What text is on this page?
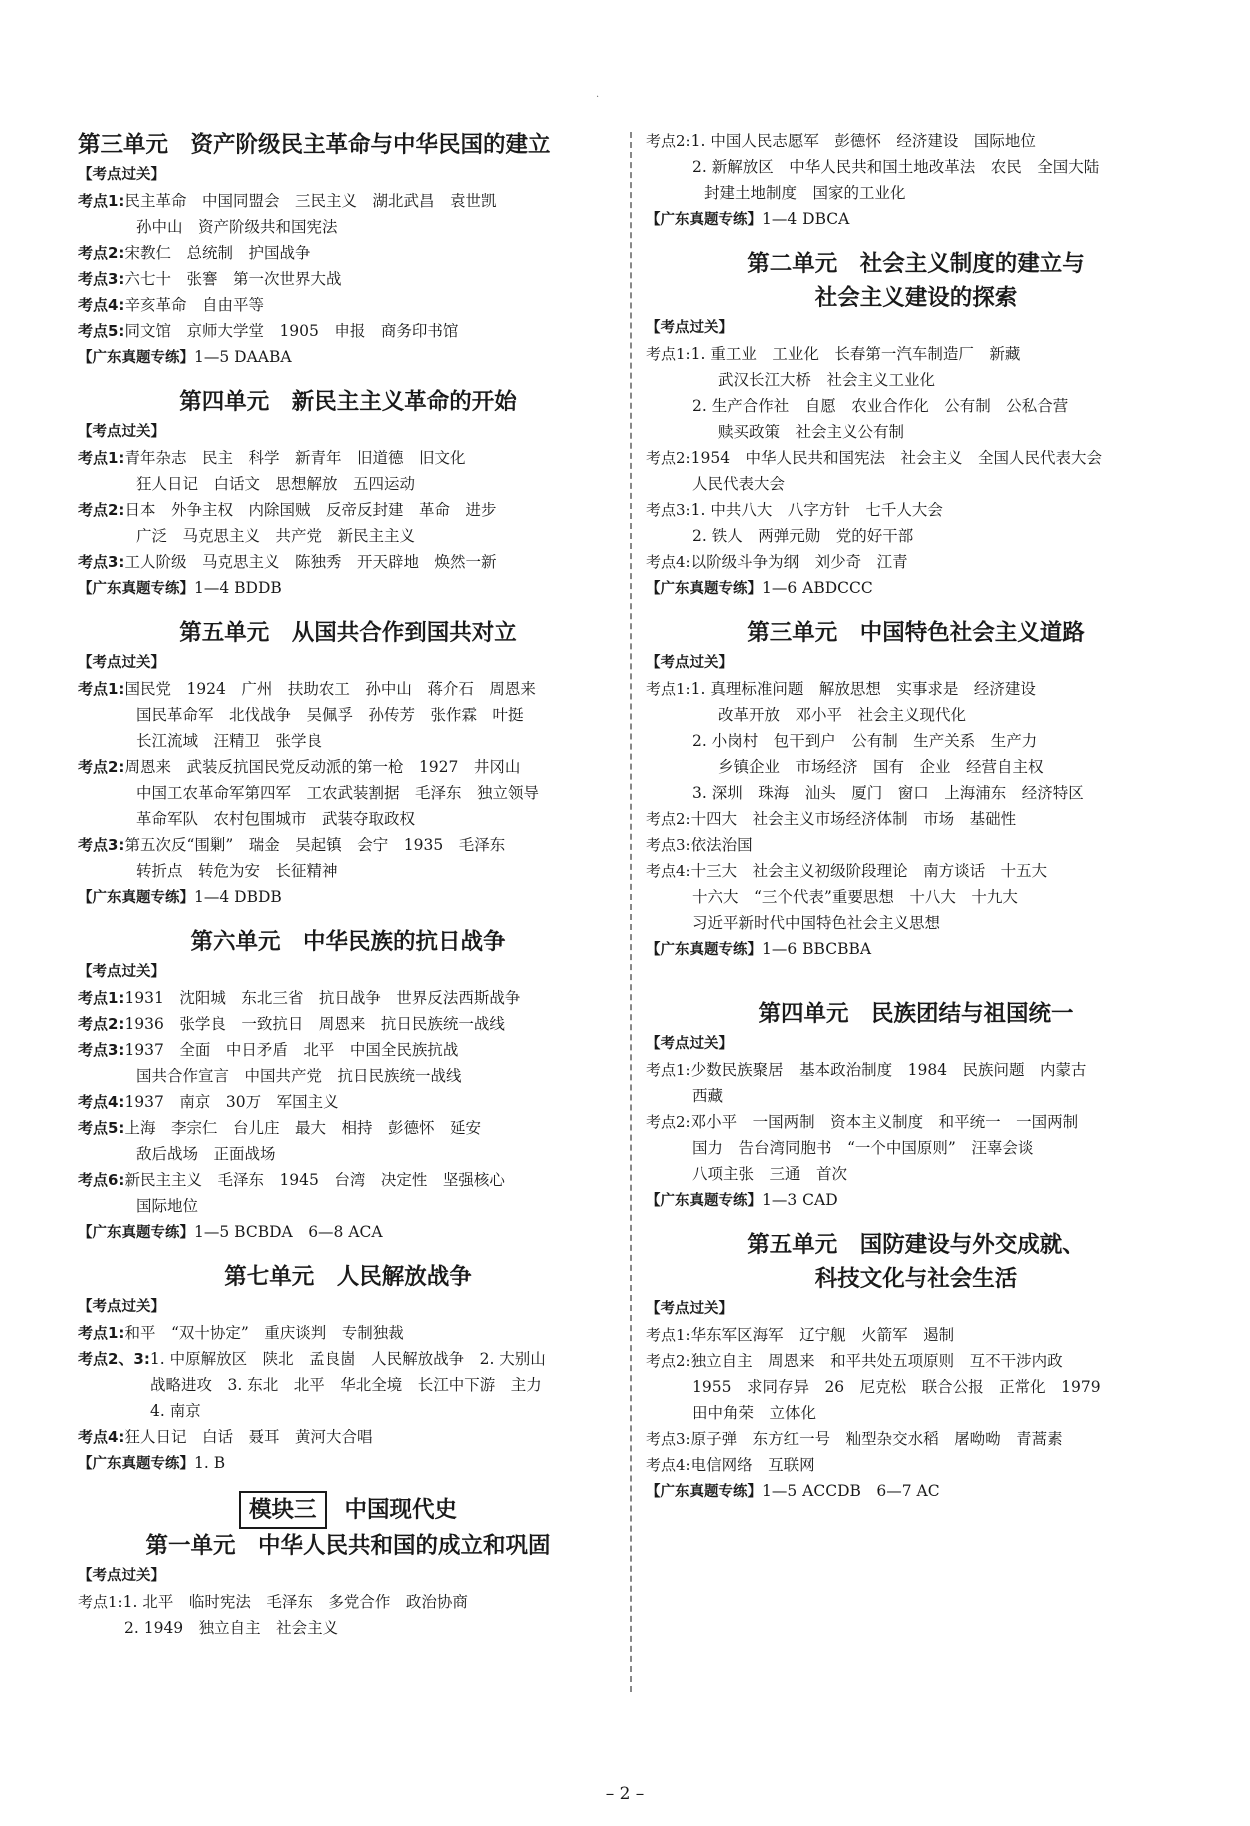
·

第三单元　资产阶级民主革命与中华民国的建立

【考点过关】

考点1:民主革命　中国同盟会　三民主义　湖北武昌　袁世凯

孙中山　资产阶级共和国宪法

考点2:宋教仁　总统制　护国战争

考点3:六七十　张謇　第一次世界大战

考点4:辛亥革命　自由平等

考点5:同文馆　京师大学堂　1905　申报　商务印书馆

【广东真题专练】1—5 DAABA

第四单元　新民主主义革命的开始

【考点过关】

考点1:青年杂志　民主　科学　新青年　旧道德　旧文化

狂人日记　白话文　思想解放　五四运动

考点2:日本　外争主权　内除国贼　反帝反封建　革命　进步

广泛　马克思主义　共产党　新民主主义

考点3:工人阶级　马克思主义　陈独秀　开天辟地　焕然一新

【广东真题专练】1—4 BDDB

第五单元　从国共合作到国共对立

【考点过关】

考点1:国民党　1924　广州　扶助农工　孙中山　蒋介石　周恩来

国民革命军　北伐战争　吴佩孚　孙传芳　张作霖　叶挺

长江流域　汪精卫　张学良

考点2:周恩来　武装反抗国民党反动派的第一枪　1927　井冈山

中国工农革命军第四军　工农武装割据　毛泽东　独立领导

革命军队　农村包围城市　武装夺取政权

考点3:第五次反“围剿”　瑞金　吴起镇　会宁　1935　毛泽东

转折点　转危为安　长征精神

【广东真题专练】1—4 DBDB

第六单元　中华民族的抗日战争

【考点过关】

考点1:1931　沈阳城　东北三省　抗日战争　世界反法西斯战争

考点2:1936　张学良　一致抗日　周恩来　抗日民族统一战线

考点3:1937　全面　中日矛盾　北平　中国全民族抗战

国共合作宣言　中国共产党　抗日民族统一战线

考点4:1937　南京　30万　军国主义

考点5:上海　李宗仁　台儿庄　最大　相持　彭德怀　延安

敌后战场　正面战场

考点6:新民主主义　毛泽东　1945　台湾　决定性　坚强核心

国际地位

【广东真题专练】1—5 BCBDA　6—8 ACA

第七单元　人民解放战争

【考点过关】

考点1:和平　“双十协定”　重庆谈判　专制独裁

考点2、3:1. 中原解放区　陕北　孟良崮　人民解放战争　2. 大别山

战略进攻　3. 东北　北平　华北全境　长江中下游　主力

4. 南京

考点4:狂人日记　白话　聂耳　黄河大合唱

【广东真题专练】1. B

模块三 中国现代史

第一单元　中华人民共和国的成立和巩固

【考点过关】

考点1:1. 北平　临时宪法　毛泽东　多党合作　政治协商

2. 1949　独立自主　社会主义

考点2:1. 中国人民志愿军　彭德怀　经济建设　国际地位

2. 新解放区　中华人民共和国土地改革法　农民　全国大陆

封建土地制度　国家的工业化

【广东真题专练】1—4 DBCA

第二单元　社会主义制度的建立与

社会主义建设的探索

【考点过关】

考点1:1. 重工业　工业化　长春第一汽车制造厂　新藏

武汉长江大桥　社会主义工业化

2. 生产合作社　自愿　农业合作化　公有制　公私合营

赎买政策　社会主义公有制

考点2:1954　中华人民共和国宪法　社会主义　全国人民代表大会

人民代表大会

考点3:1. 中共八大　八字方针　七千人大会

2. 铁人　两弹元勋　党的好干部

考点4:以阶级斗争为纲　刘少奇　江青

【广东真题专练】1—6 ABDCCC

第三单元　中国特色社会主义道路

【考点过关】

考点1:1. 真理标准问题　解放思想　实事求是　经济建设

改革开放　邓小平　社会主义现代化

2. 小岗村　包干到户　公有制　生产关系　生产力

乡镇企业　市场经济　国有　企业　经营自主权

3. 深圳　珠海　汕头　厦门　窗口　上海浦东　经济特区

考点2:十四大　社会主义市场经济体制　市场　基础性

考点3:依法治国

考点4:十三大　社会主义初级阶段理论　南方谈话　十五大

十六大　“三个代表”重要思想　十八大　十九大

习近平新时代中国特色社会主义思想

【广东真题专练】1—6 BBCBBA

第四单元　民族团结与祖国统一

【考点过关】

考点1:少数民族聚居　基本政治制度　1984　民族问题　内蒙古

西藏

考点2:邓小平　一国两制　资本主义制度　和平统一　一国两制

国力　告台湾同胞书　“一个中国原则”　汪辜会谈

八项主张　三通　首次

【广东真题专练】1—3 CAD

第五单元　国防建设与外交成就、

科技文化与社会生活

【考点过关】

考点1:华东军区海军　辽宁舰　火箭军　遏制

考点2:独立自主　周恩来　和平共处五项原则　互不干涉内政

1955　求同存异　26　尼克松　联合公报　正常化　1979

田中角荣　立体化

考点3:原子弹　东方红一号　籼型杂交水稻　屠呦呦　青蒿素

考点4:电信网络　互联网

【广东真题专练】1—5 ACCDB　6—7 AC

– 2 –
